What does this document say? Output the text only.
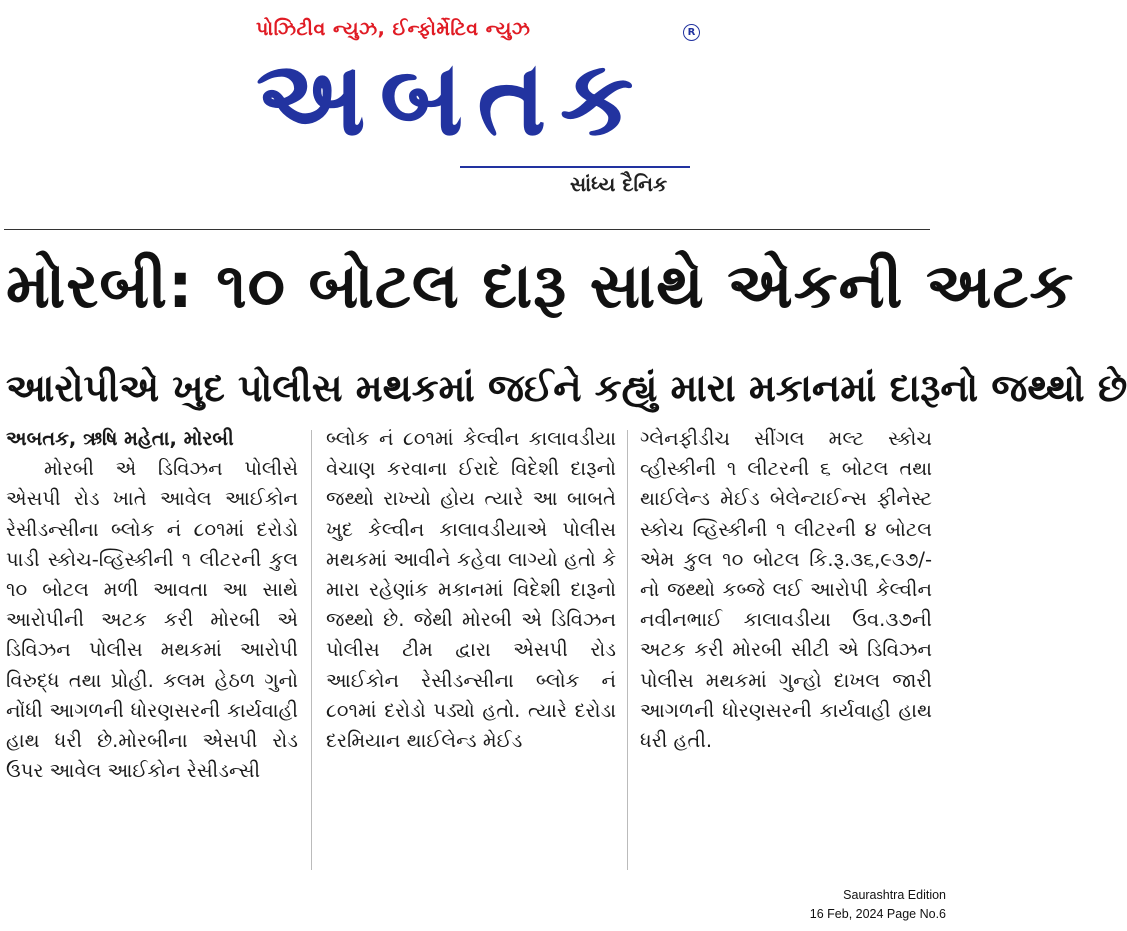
પોઝિટીવ ન્યુઝ, ઈન્ફોર્મેટિવ ન્યુઝ	R
અબતક
સાંધ્ય દૈનિક
મોરબી: ૧૦ બોટલ દારૂ સાથે એકની અટક
આરોપીએ ખુદ પોલીસ મથકમાં જઈને કહ્યું મારા મકાનમાં દારૂનો જથ્થો છે
અબતક, ઋષિ મહેતા, મોરબી

મોરબી એ ડિવિઝન પોલીસે એસપી રોડ ખાતે આવેલ આઈકોન રેસીડન્સીના બ્લોક નં ૮૦૧માં દરોડો પાડી સ્કોચ-વ્હિસ્કીની ૧ લીટરની કુલ ૧૦ બોટલ મળી આવતા આ સાથે આરોપીની અટક કરી મોરબી એ ડિવિઝન પોલીસ મથકમાં આરોપી વિરુદ્ધ તથા પ્રોહી. કલમ હેઠળ ગુનો નોંધી આગળની ધોરણસરની કાર્યવાહી હાથ ધરી છે.મોરબીના એસપી રોડ ઉપર આવેલ આઈકોન રેસીડન્સી

બ્લોક નં ૮૦૧માં કેલ્વીન કાલાવડીયા વેચાણ કરવાના ઈરાદે વિદેશી દારૂનો જથ્થો રાખ્યો હોય ત્યારે આ બાબતે ખુદ કેલ્વીન કાલાવડીયાએ પોલીસ મથકમાં આવીને કહેવા લાગ્યો હતો કે મારા રહેણાંક મકાનમાં વિદેશી દારૂનો જથ્થો છે. જેથી મોરબી એ ડિવિઝન પોલીસ ટીમ દ્વારા એસપી રોડ આઈકોન રેસીડન્સીના બ્લોક નં ૮૦૧માં દરોડો પડ્યો હતો. ત્યારે દરોડા દરમિયાન થાઈલેન્ડ મેઈડ

ગ્લેનફીડીચ સીંગલ મલ્ટ સ્કોચ વ્હીસ્કીની ૧ લીટરની ૬ બોટલ તથા થાઈલેન્ડ મેઈડ બેલેન્ટાઈન્સ ફીનેસ્ટ સ્કોચ વ્હિસ્કીની ૧ લીટરની ૪ બોટલ એમ કુલ ૧૦ બોટલ કિ.રૂ.૩૬,૯૩૭/-નો જથ્થો કબ્જે લઈ આરોપી કેલ્વીન નવીનભાઈ કાલાવડીયા ઉવ.૩૭ની અટક કરી મોરબી સીટી એ ડિવિઝન પોલીસ મથકમાં ગુન્હો દાખલ જારી આગળની ધોરણસરની કાર્યવાહી હાથ ધરી હતી.

Saurashtra Edition
16 Feb, 2024 Page No.6
